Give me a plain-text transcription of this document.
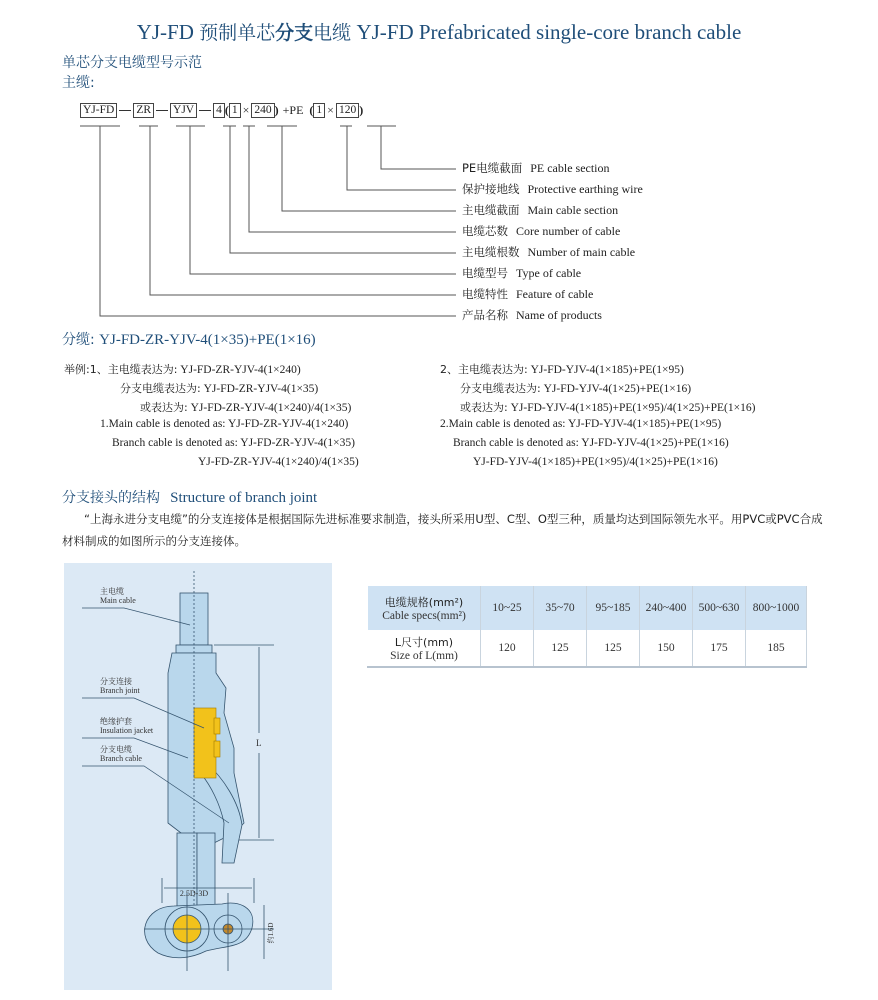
YJ-FD 预制单芯分支电缆 YJ-FD Prefabricated single-core branch cable
单芯分支电缆型号示范
主缆:
YJ-FD ZR YJV 4 ( 1 × 240 ) +PE ( 1 × 120 )
PE电缆截面 PE cable section
保护接地线 Protective earthing wire
主电缆截面 Main cable section
电缆芯数 Core number of cable
主电缆根数 Number of main cable
电缆型号 Type of cable
电缆特性 Feature of cable
产品名称 Name of products
分缆: YJ-FD-ZR-YJV-4(1×35)+PE(1×16)
举例:1、主电缆表达为: YJ-FD-ZR-YJV-4(1×240)
分支电缆表达为: YJ-FD-ZR-YJV-4(1×35)
或表达为: YJ-FD-ZR-YJV-4(1×240)/4(1×35)
1.Main cable is denoted as: YJ-FD-ZR-YJV-4(1×240)
Branch cable is denoted as: YJ-FD-ZR-YJV-4(1×35)
YJ-FD-ZR-YJV-4(1×240)/4(1×35)
2、主电缆表达为: YJ-FD-YJV-4(1×185)+PE(1×95)
分支电缆表达为: YJ-FD-YJV-4(1×25)+PE(1×16)
或表达为: YJ-FD-YJV-4(1×185)+PE(1×95)/4(1×25)+PE(1×16)
2.Main cable is denoted as: YJ-FD-YJV-4(1×185)+PE(1×95)
Branch cable is denoted as: YJ-FD-YJV-4(1×25)+PE(1×16)
YJ-FD-YJV-4(1×185)+PE(1×95)/4(1×25)+PE(1×16)
分支接头的结构 Structure of branch joint
“上海永进分支电缆”的分支连接体是根据国际先进标准要求制造，接头所采用U型、C型、O型三种，质量均达到国际领先水平。用PVC或PVC合成材料制成的如图所示的分支连接体。
L
2.5D-3D
约1.6D
主电缆
Main cable
分支连接
Branch joint
绝缘护套
Insulation jacket
分支电缆
Branch cable
电缆规格(mm²)
Cable specs(mm²)	10~25	35~70	95~185	240~400	500~630	800~1000

L尺寸(mm)
Size of L(mm)	120	125	125	150	175	185
